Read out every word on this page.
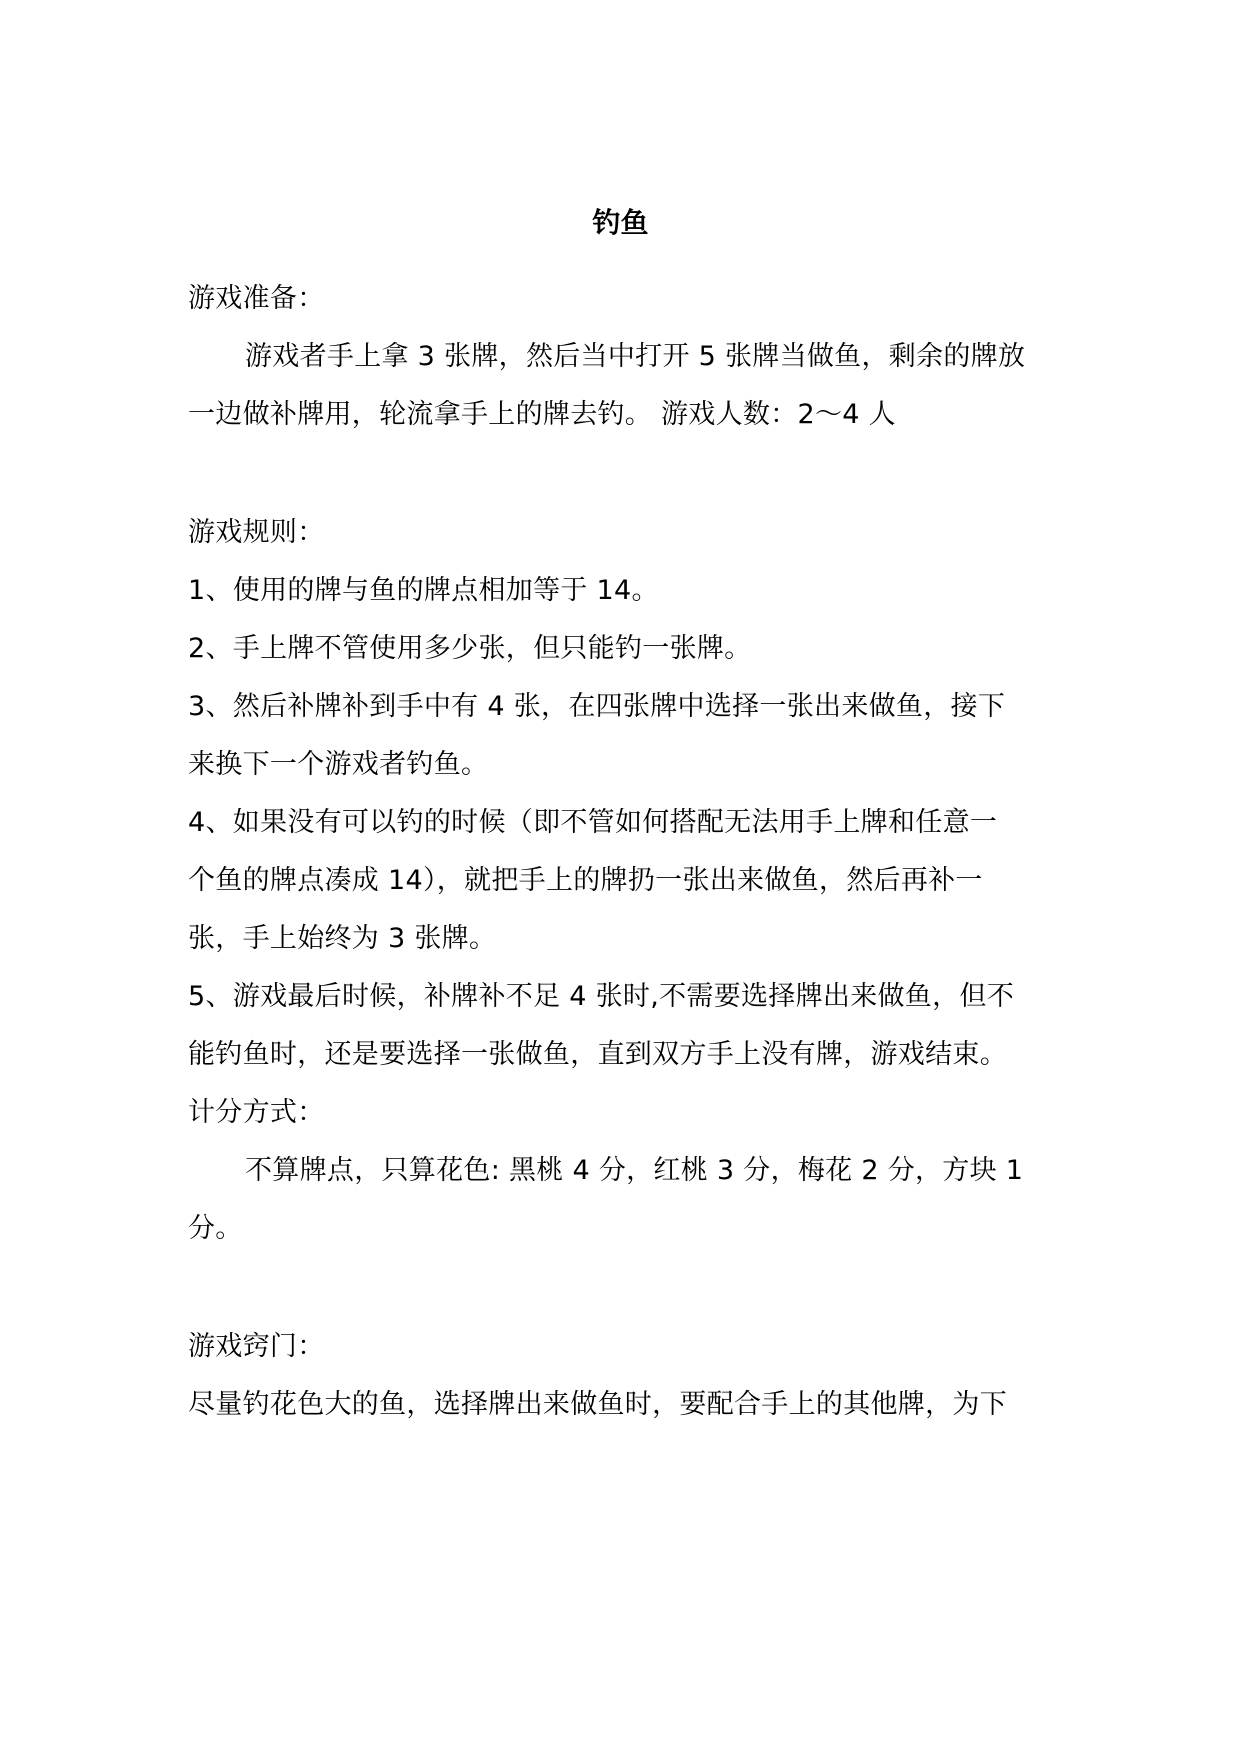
钓鱼
游戏准备：
游戏者手上拿 3 张牌，然后当中打开 5 张牌当做鱼，剩余的牌放
一边做补牌用，轮流拿手上的牌去钓。 游戏人数：2～4 人
游戏规则：
1、使用的牌与鱼的牌点相加等于 14。
2、手上牌不管使用多少张，但只能钓一张牌。
3、然后补牌补到手中有 4 张，在四张牌中选择一张出来做鱼，接下
来换下一个游戏者钓鱼。
4、如果没有可以钓的时候（即不管如何搭配无法用手上牌和任意一
个鱼的牌点凑成 14），就把手上的牌扔一张出来做鱼，然后再补一
张，手上始终为 3 张牌。
5、游戏最后时候，补牌补不足 4 张时,不需要选择牌出来做鱼，但不
能钓鱼时，还是要选择一张做鱼，直到双方手上没有牌，游戏结束。
计分方式：
不算牌点，只算花色: 黑桃 4 分，红桃 3 分，梅花 2 分，方块 1
分。
游戏窍门：
尽量钓花色大的鱼，选择牌出来做鱼时，要配合手上的其他牌，为下
